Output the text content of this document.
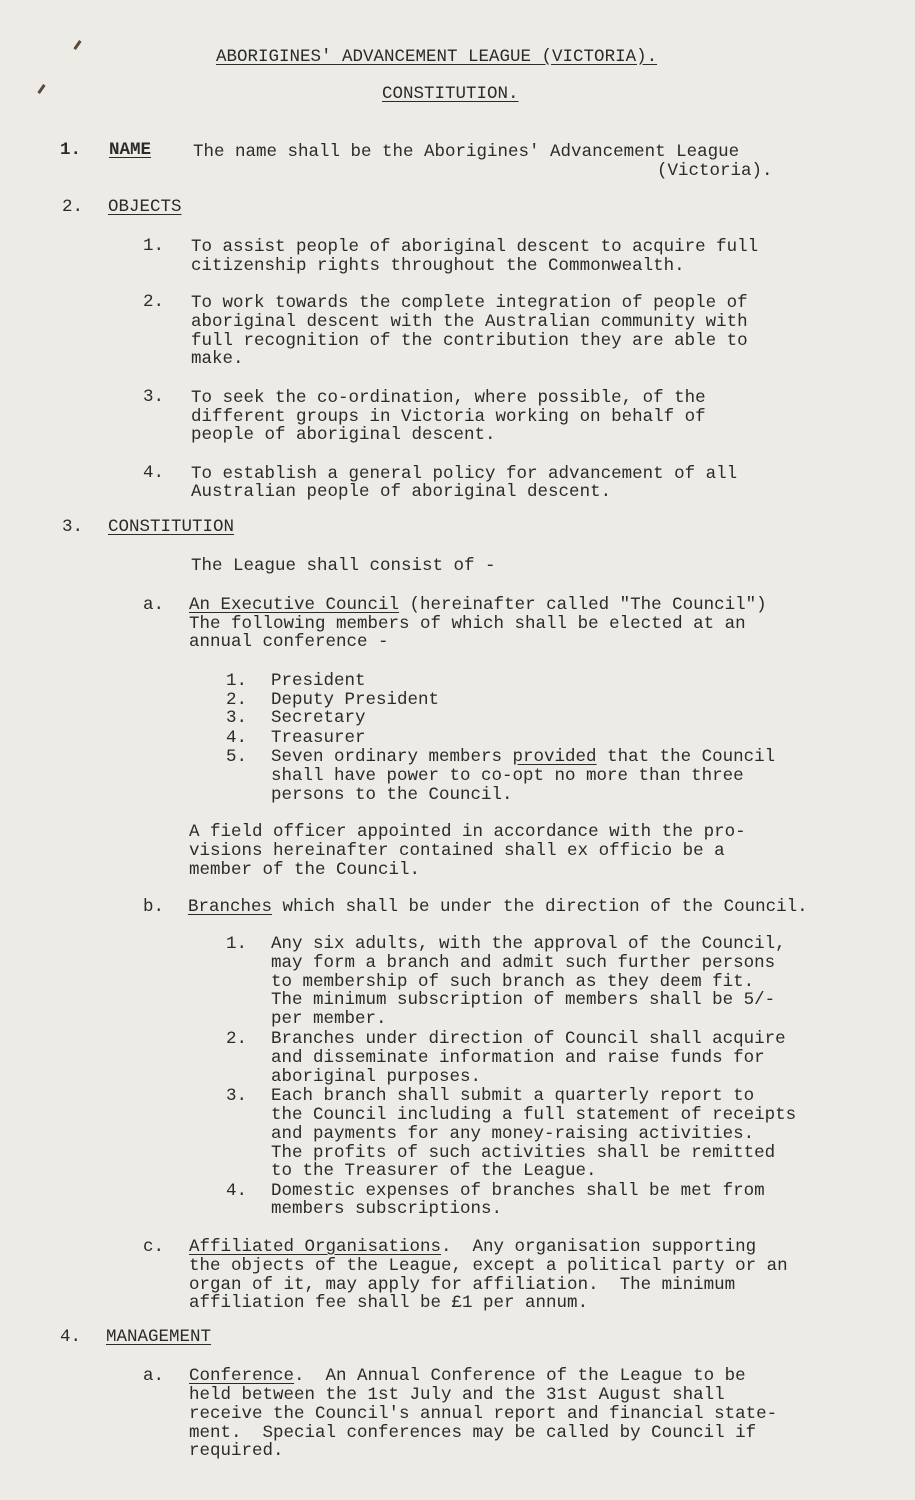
ABORIGINES' ADVANCEMENT LEAGUE (VICTORIA).
CONSTITUTION.
1. NAME The name shall be the Aborigines' Advancement League
(Victoria).
2. OBJECTS
1. To assist people of aboriginal descent to acquire full
citizenship rights throughout the Commonwealth.
2. To work towards the complete integration of people of
aboriginal descent with the Australian community with
full recognition of the contribution they are able to
make.
3. To seek the co-ordination, where possible, of the
different groups in Victoria working on behalf of
people of aboriginal descent.
4. To establish a general policy for advancement of all
Australian people of aboriginal descent.
3. CONSTITUTION
The League shall consist of -
a. An Executive Council (hereinafter called "The Council")
The following members of which shall be elected at an
annual conference -
1. President
2. Deputy President
3. Secretary
4. Treasurer
5. Seven ordinary members provided that the Council
shall have power to co-opt no more than three
persons to the Council.
A field officer appointed in accordance with the pro-
visions hereinafter contained shall ex officio be a
member of the Council.
b. Branches which shall be under the direction of the Council.
1. Any six adults, with the approval of the Council,
may form a branch and admit such further persons
to membership of such branch as they deem fit.
The minimum subscription of members shall be 5/-
per member.
2. Branches under direction of Council shall acquire
and disseminate information and raise funds for
aboriginal purposes.
3. Each branch shall submit a quarterly report to
the Council including a full statement of receipts
and payments for any money-raising activities.
The profits of such activities shall be remitted
to the Treasurer of the League.
4. Domestic expenses of branches shall be met from
members subscriptions.
c. Affiliated Organisations.  Any organisation supporting
the objects of the League, except a political party or an
organ of it, may apply for affiliation.  The minimum
affiliation fee shall be £1 per annum.
4. MANAGEMENT
a. Conference.  An Annual Conference of the League to be
held between the 1st July and the 31st August shall
receive the Council's annual report and financial state-
ment.  Special conferences may be called by Council if
required.
